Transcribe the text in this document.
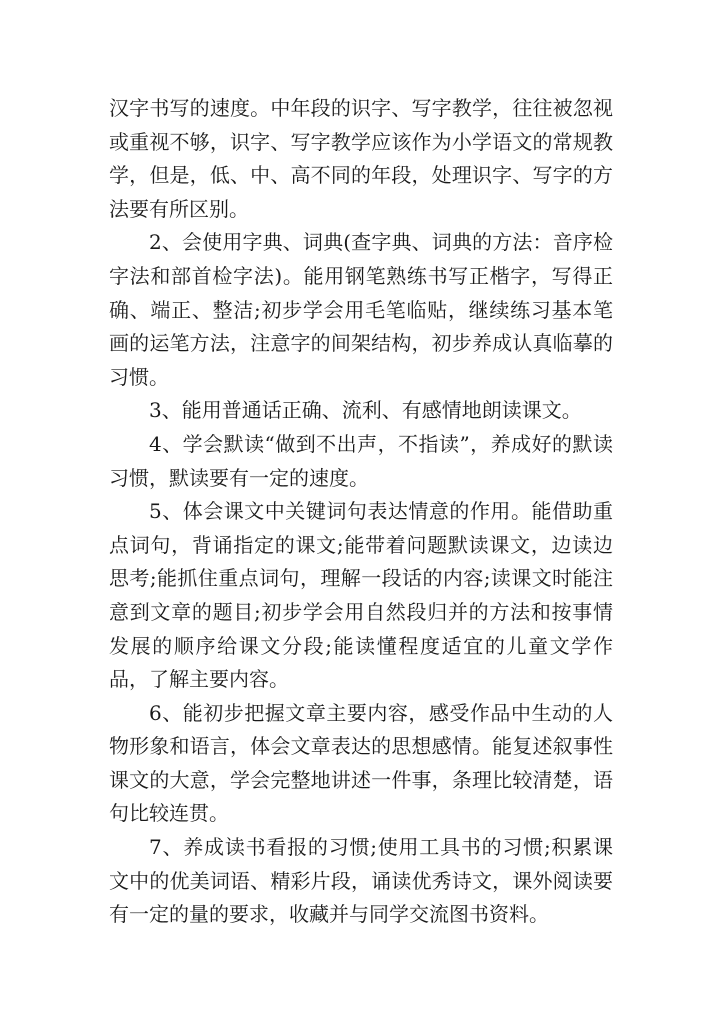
汉字书写的速度。中年段的识字、写字教学，往往被忽视或重视不够，识字、写字教学应该作为小学语文的常规教学，但是，低、中、高不同的年段，处理识字、写字的方法要有所区别。

2、会使用字典、词典(查字典、词典的方法：音序检字法和部首检字法)。能用钢笔熟练书写正楷字，写得正确、端正、整洁;初步学会用毛笔临贴，继续练习基本笔画的运笔方法，注意字的间架结构，初步养成认真临摹的习惯。

3、能用普通话正确、流利、有感情地朗读课文。

4、学会默读“做到不出声，不指读”，养成好的默读习惯，默读要有一定的速度。

5、体会课文中关键词句表达情意的作用。能借助重点词句，背诵指定的课文;能带着问题默读课文，边读边思考;能抓住重点词句，理解一段话的内容;读课文时能注意到文章的题目;初步学会用自然段归并的方法和按事情发展的顺序给课文分段;能读懂程度适宜的儿童文学作品，了解主要内容。

6、能初步把握文章主要内容，感受作品中生动的人物形象和语言，体会文章表达的思想感情。能复述叙事性课文的大意，学会完整地讲述一件事，条理比较清楚，语句比较连贯。

7、养成读书看报的习惯;使用工具书的习惯;积累课文中的优美词语、精彩片段，诵读优秀诗文，课外阅读要有一定的量的要求，收藏并与同学交流图书资料。
